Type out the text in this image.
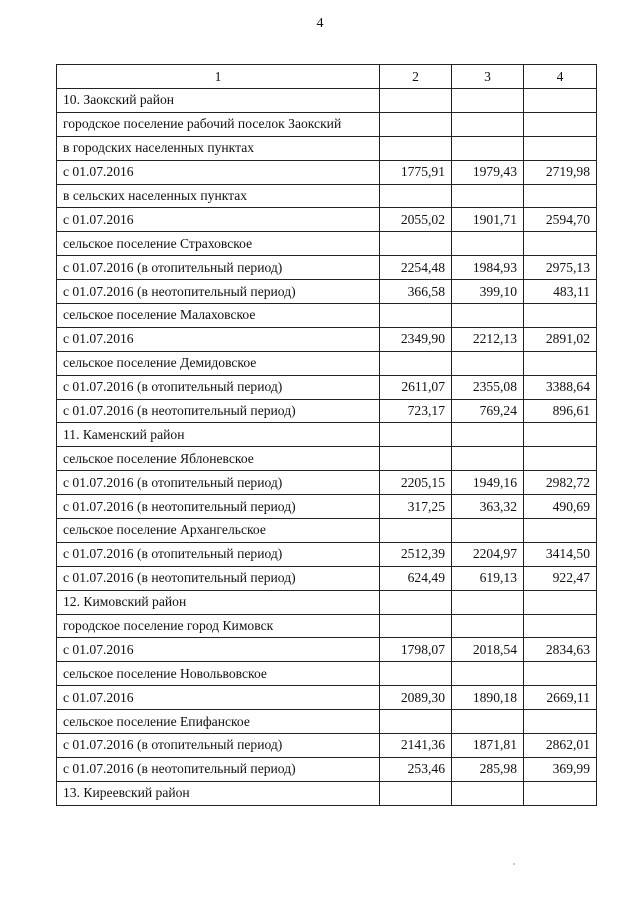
4
1	2	3	4
10. Заокский район			
городское поселение рабочий поселок Заокский			
в городских населенных пунктах			
с 01.07.2016	1775,91	1979,43	2719,98
в сельских населенных пунктах			
с 01.07.2016	2055,02	1901,71	2594,70
сельское поселение Страховское			
с 01.07.2016 (в отопительный период)	2254,48	1984,93	2975,13
с 01.07.2016 (в неотопительный период)	366,58	399,10	483,11
сельское поселение Малаховское			
с 01.07.2016	2349,90	2212,13	2891,02
сельское поселение Демидовское			
с 01.07.2016 (в отопительный период)	2611,07	2355,08	3388,64
с 01.07.2016 (в неотопительный период)	723,17	769,24	896,61
11. Каменский район			
сельское поселение Яблоневское			
с 01.07.2016 (в отопительный период)	2205,15	1949,16	2982,72
с 01.07.2016 (в неотопительный период)	317,25	363,32	490,69
сельское поселение Архангельское			
с 01.07.2016 (в отопительный период)	2512,39	2204,97	3414,50
с 01.07.2016 (в неотопительный период)	624,49	619,13	922,47
12. Кимовский район			
городское поселение город Кимовск			
с 01.07.2016	1798,07	2018,54	2834,63
сельское поселение Новольвовское			
с 01.07.2016	2089,30	1890,18	2669,11
сельское поселение Епифанское			
с 01.07.2016 (в отопительный период)	2141,36	1871,81	2862,01
с 01.07.2016 (в неотопительный период)	253,46	285,98	369,99
13. Киреевский район			
